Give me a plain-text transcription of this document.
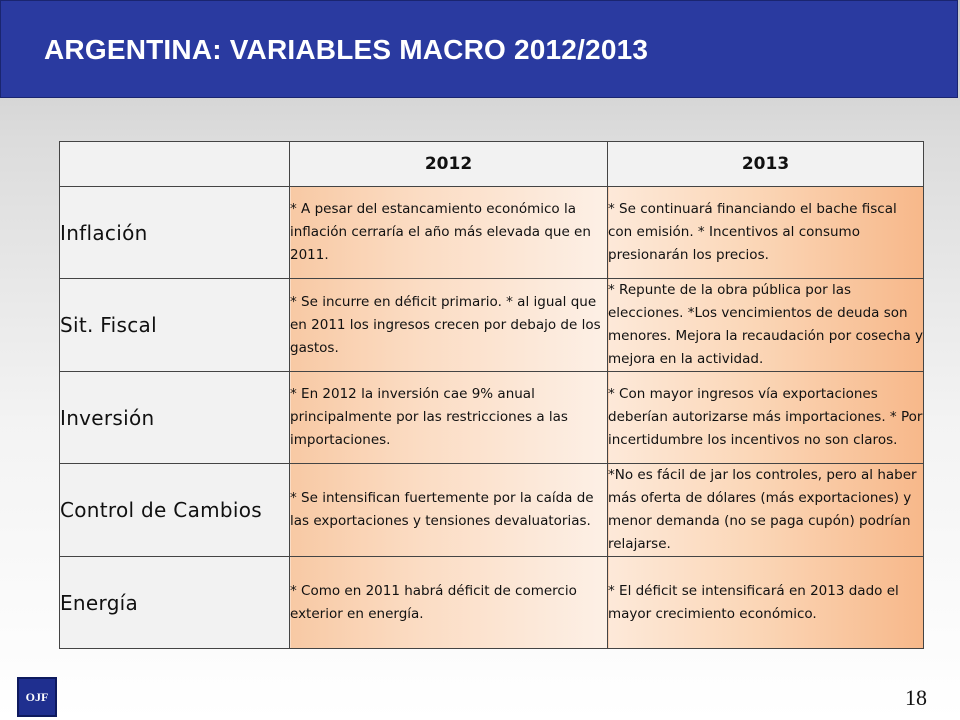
ARGENTINA: VARIABLES MACRO 2012/2013
	2012	2013
Inflación	* A pesar del estancamiento económico la inflación cerraría el año más elevada que en 2011.	* Se continuará financiando el bache fiscal con emisión. * Incentivos al consumo presionarán los precios.
Sit. Fiscal	* Se incurre en déficit primario. * al igual que en 2011 los ingresos crecen por debajo de los gastos.	* Repunte de la obra pública por las elecciones. *Los vencimientos de deuda son menores. Mejora la recaudación por cosecha y mejora en la actividad.
Inversión	* En 2012 la inversión cae 9% anual principalmente por las restricciones a las importaciones.	* Con mayor ingresos vía exportaciones deberían autorizarse más importaciones. * Por incertidumbre los incentivos no son claros.
Control de Cambios	* Se intensifican fuertemente por la caída de las exportaciones y tensiones devaluatorias.	*No es fácil de jar los controles, pero al haber más oferta de dólares (más exportaciones) y menor demanda (no se paga cupón) podrían relajarse.
Energía	* Como en 2011 habrá déficit de comercio exterior en energía.	* El déficit se intensificará en 2013 dado el mayor crecimiento económico.
OJF	18
